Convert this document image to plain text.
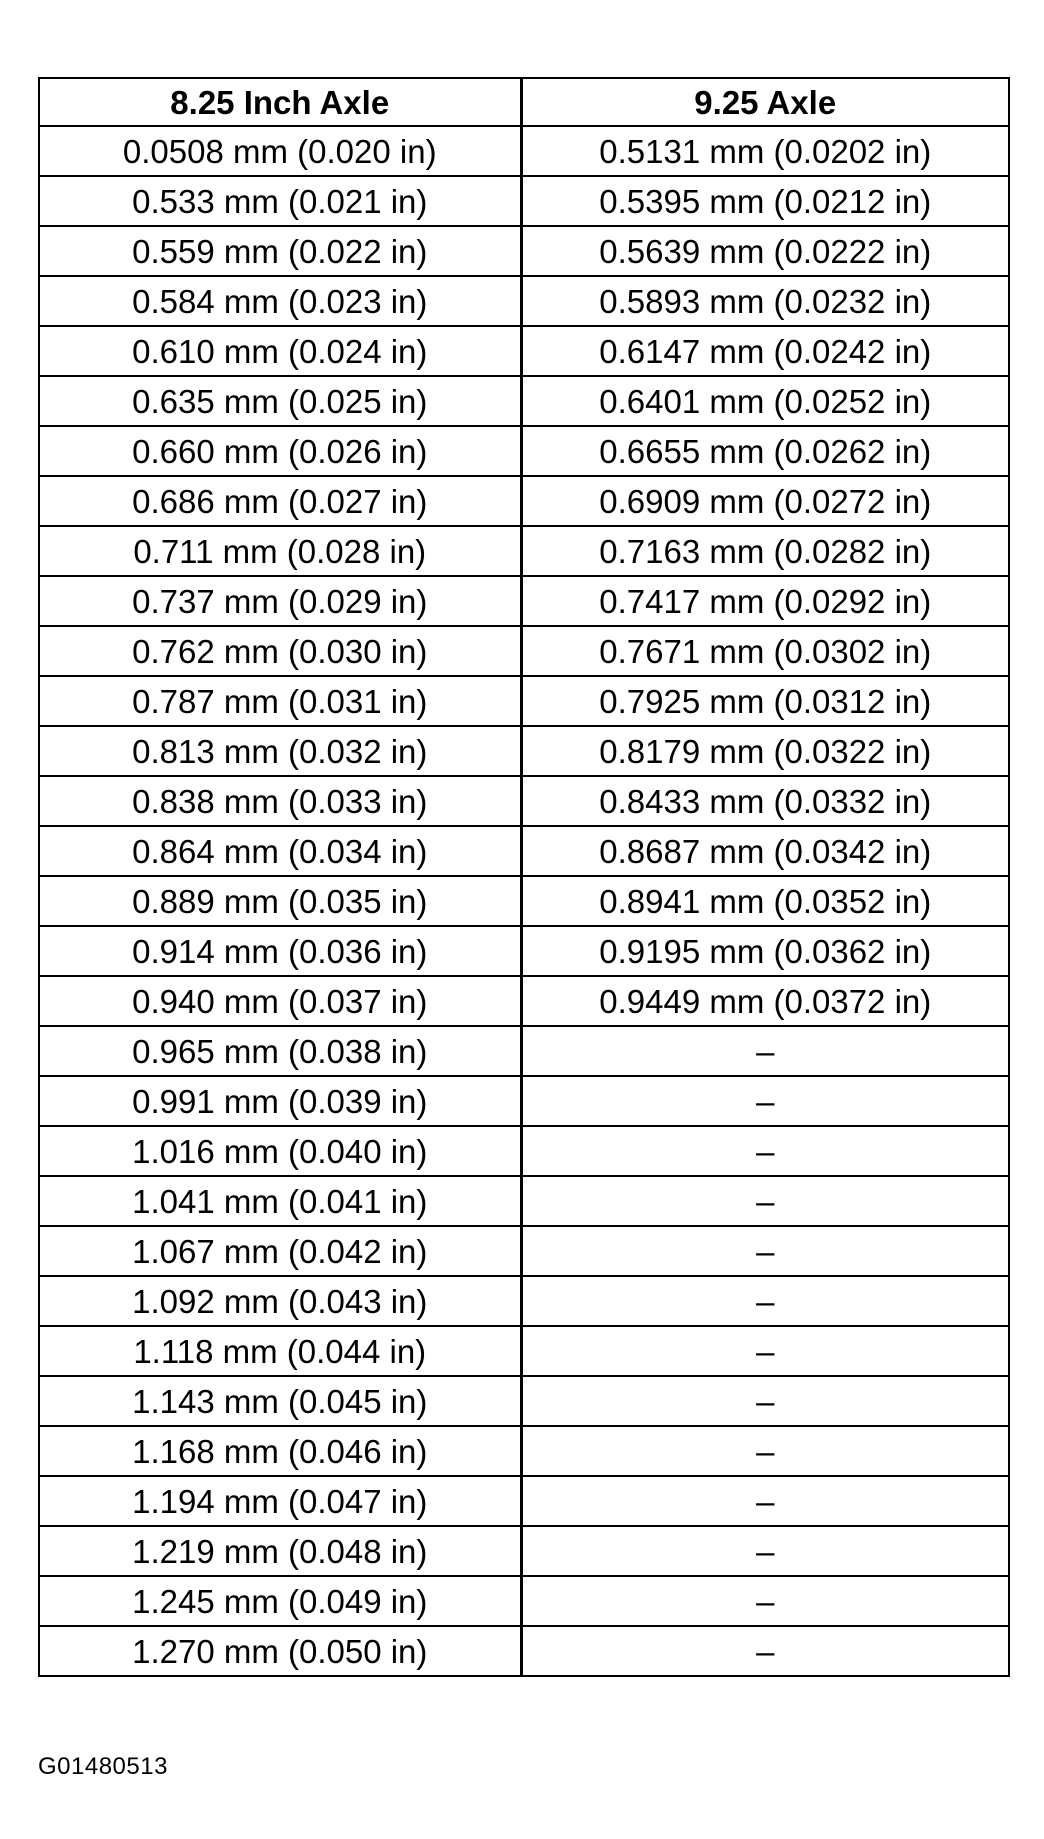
8.25 Inch Axle	9.25 Axle
0.0508 mm (0.020 in)	0.5131 mm (0.0202 in)
0.533 mm (0.021 in)	0.5395 mm (0.0212 in)
0.559 mm (0.022 in)	0.5639 mm (0.0222 in)
0.584 mm (0.023 in)	0.5893 mm (0.0232 in)
0.610 mm (0.024 in)	0.6147 mm (0.0242 in)
0.635 mm (0.025 in)	0.6401 mm (0.0252 in)
0.660 mm (0.026 in)	0.6655 mm (0.0262 in)
0.686 mm (0.027 in)	0.6909 mm (0.0272 in)
0.711 mm (0.028 in)	0.7163 mm (0.0282 in)
0.737 mm (0.029 in)	0.7417 mm (0.0292 in)
0.762 mm (0.030 in)	0.7671 mm (0.0302 in)
0.787 mm (0.031 in)	0.7925 mm (0.0312 in)
0.813 mm (0.032 in)	0.8179 mm (0.0322 in)
0.838 mm (0.033 in)	0.8433 mm (0.0332 in)
0.864 mm (0.034 in)	0.8687 mm (0.0342 in)
0.889 mm (0.035 in)	0.8941 mm (0.0352 in)
0.914 mm (0.036 in)	0.9195 mm (0.0362 in)
0.940 mm (0.037 in)	0.9449 mm (0.0372 in)
0.965 mm (0.038 in)	–
0.991 mm (0.039 in)	–
1.016 mm (0.040 in)	–
1.041 mm (0.041 in)	–
1.067 mm (0.042 in)	–
1.092 mm (0.043 in)	–
1.118 mm (0.044 in)	–
1.143 mm (0.045 in)	–
1.168 mm (0.046 in)	–
1.194 mm (0.047 in)	–
1.219 mm (0.048 in)	–
1.245 mm (0.049 in)	–
1.270 mm (0.050 in)	–
G01480513
